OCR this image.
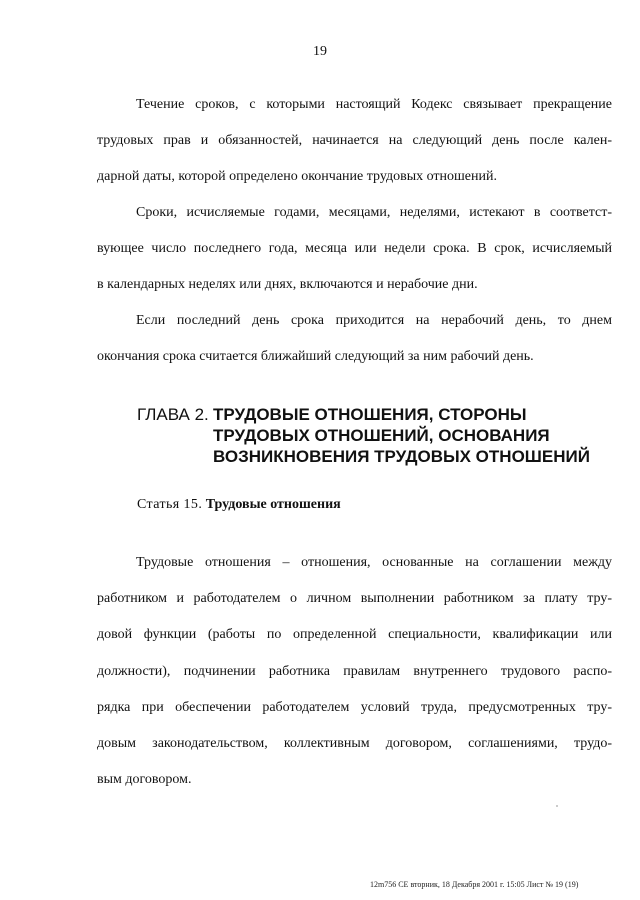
19

Течение сроков, с которыми настоящий Кодекс связывает прекращение
трудовых прав и обязанностей, начинается на следующий день после кален-
дарной даты, которой определено окончание трудовых отношений.

Сроки, исчисляемые годами, месяцами, неделями, истекают в соответст-
вующее число последнего года, месяца или недели срока. В срок, исчисляемый
в календарных неделях или днях, включаются и нерабочие дни.

Если последний день срока приходится на нерабочий день, то днем
окончания срока считается ближайший следующий за ним рабочий день.

ГЛАВА 2. ТРУДОВЫЕ ОТНОШЕНИЯ, СТОРОНЫ
ТРУДОВЫХ ОТНОШЕНИЙ, ОСНОВАНИЯ
ВОЗНИКНОВЕНИЯ ТРУДОВЫХ ОТНОШЕНИЙ
Статья 15. Трудовые отношения

Трудовые отношения – отношения, основанные на соглашении между
работником и работодателем о личном выполнении работником за плату тру-
довой функции (работы по определенной специальности, квалификации или
должности), подчинении работника правилам внутреннего трудового распо-
рядка при обеспечении работодателем условий труда, предусмотренных тру-
довым законодательством, коллективным договором, соглашениями, трудо-
вым договором.

12m756 CE вторник, 18 Декабря 2001 г. 15:05 Лист № 19 (19)
